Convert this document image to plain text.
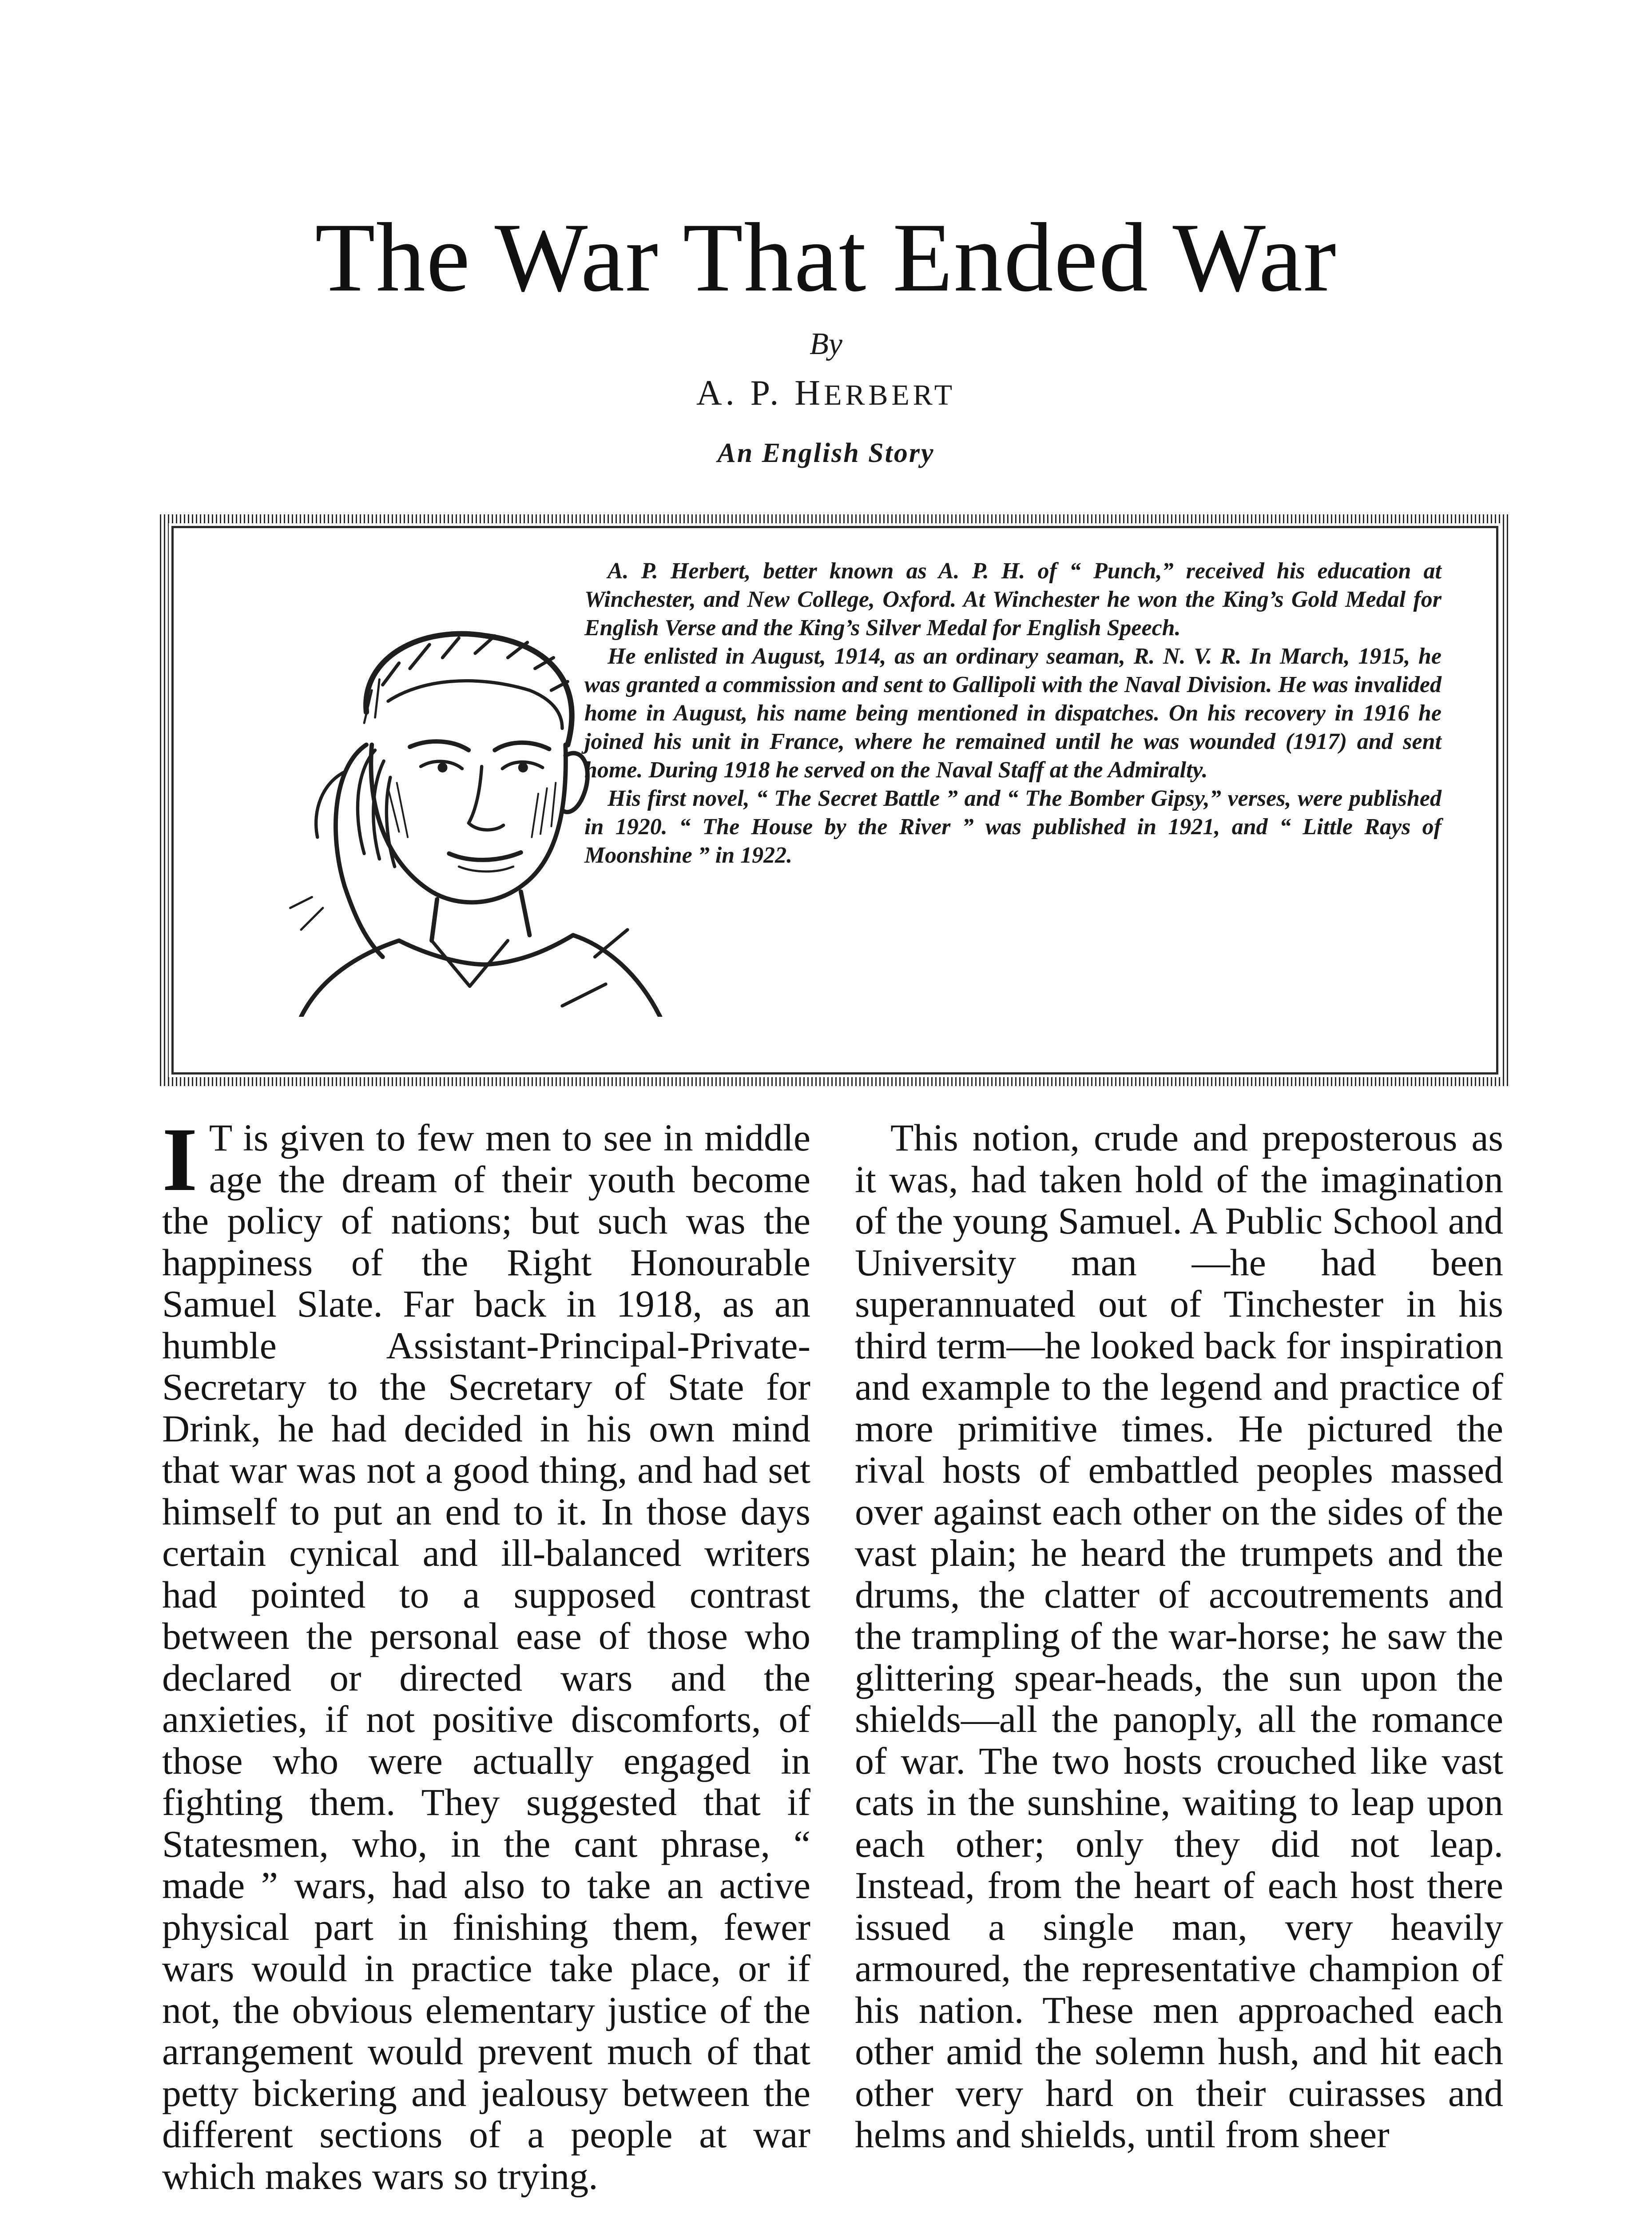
The War That Ended War
By
A. P. HERBERT
An English Story

A. P. Herbert, better known as A. P. H. of “ Punch,” received his education at Winchester, and New College, Oxford. At Winchester he won the King’s Gold Medal for English Verse and the King’s Silver Medal for English Speech.

He enlisted in August, 1914, as an ordinary seaman, R. N. V. R. In March, 1915, he was granted a commission and sent to Gallipoli with the Naval Division. He was invalided home in August, his name being mentioned in dispatches. On his recovery in 1916 he joined his unit in France, where he remained until he was wounded (1917) and sent home. During 1918 he served on the Naval Staff at the Admiralty.

His first novel, “ The Secret Battle ” and “ The Bomber Gipsy,” verses, were published in 1920. “ The House by the River ” was published in 1921, and “ Little Rays of Moonshine ” in 1922.

I T is given to few men to see in middle age the dream of their youth become the policy of nations; but such was the happiness of the Right Honourable Samuel Slate. Far back in 1918, as an humble Assistant-Principal-Private-Secretary to the Secretary of State for Drink, he had decided in his own mind that war was not a good thing, and had set himself to put an end to it. In those days certain cynical and ill-balanced writers had pointed to a supposed contrast between the personal ease of those who declared or directed wars and the anxieties, if not positive discomforts, of those who were actually engaged in fighting them. They suggested that if Statesmen, who, in the cant phrase, “ made ” wars, had also to take an active physical part in finishing them, fewer wars would in practice take place, or if not, the obvious elementary justice of the arrangement would prevent much of that petty bickering and jealousy between the different sections of a people at war which makes wars so trying.

This notion, crude and preposterous as it was, had taken hold of the imagination of the young Samuel. A Public School and University man —he had been superannuated out of Tinchester in his third term—he looked back for inspiration and example to the legend and practice of more primitive times. He pictured the rival hosts of embattled peoples massed over against each other on the sides of the vast plain; he heard the trumpets and the drums, the clatter of accoutrements and the trampling of the war-horse; he saw the glittering spear-heads, the sun upon the shields—all the panoply, all the romance of war. The two hosts crouched like vast cats in the sunshine, waiting to leap upon each other; only they did not leap. Instead, from the heart of each host there issued a single man, very heavily armoured, the representative champion of his nation. These men approached each other amid the solemn hush, and hit each other very hard on their cuirasses and helms and shields, until from sheer
